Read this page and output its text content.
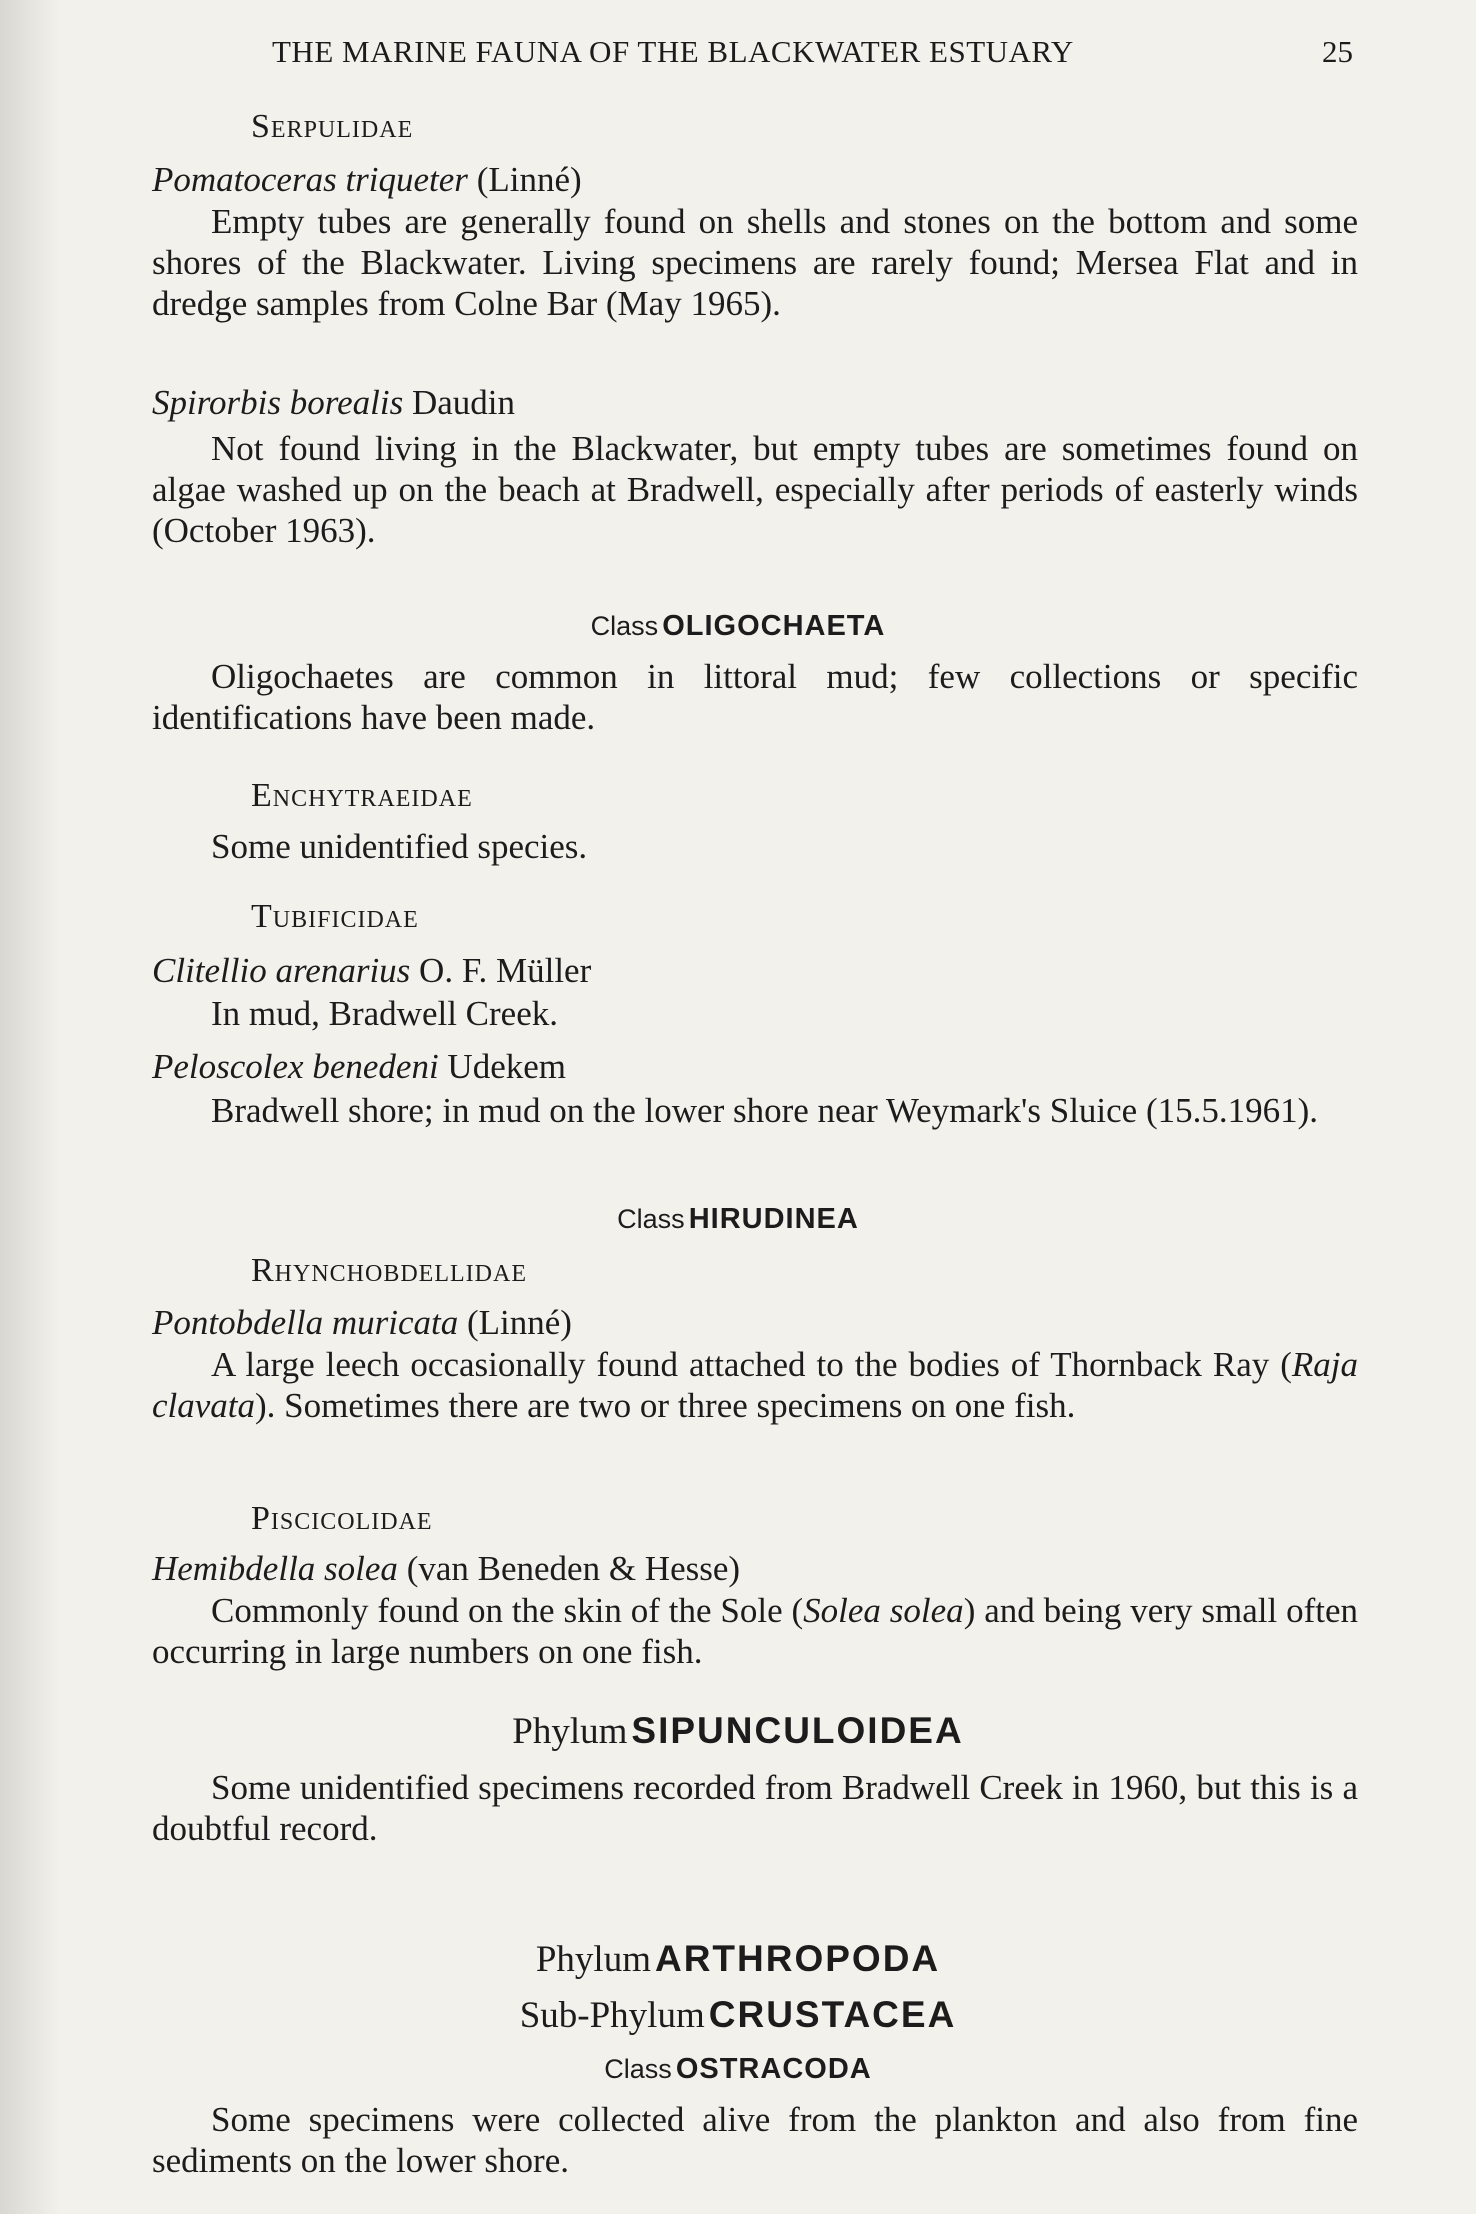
THE MARINE FAUNA OF THE BLACKWATER ESTUARY	25
Serpulidae
Pomatoceras triqueter (Linné)
Empty tubes are generally found on shells and stones on the bottom and some shores of the Blackwater. Living specimens are rarely found; Mersea Flat and in dredge samples from Colne Bar (May 1965).
Spirorbis borealis Daudin
Not found living in the Blackwater, but empty tubes are sometimes found on algae washed up on the beach at Bradwell, especially after periods of easterly winds (October 1963).
Class OLIGOCHAETA
Oligochaetes are common in littoral mud; few collections or specific identifications have been made.
Enchytraeidae
Some unidentified species.
Tubificidae
Clitellio arenarius O. F. Müller
In mud, Bradwell Creek.
Peloscolex benedeni Udekem
Bradwell shore; in mud on the lower shore near Weymark's Sluice (15.5.1961).
Class HIRUDINEA
Rhynchobdellidae
Pontobdella muricata (Linné)
A large leech occasionally found attached to the bodies of Thornback Ray (Raja clavata). Sometimes there are two or three specimens on one fish.
Piscicolidae
Hemibdella solea (van Beneden & Hesse)
Commonly found on the skin of the Sole (Solea solea) and being very small often occurring in large numbers on one fish.
Phylum SIPUNCULOIDEA
Some unidentified specimens recorded from Bradwell Creek in 1960, but this is a doubtful record.
Phylum ARTHROPODA
Sub-Phylum CRUSTACEA
Class OSTRACODA
Some specimens were collected alive from the plankton and also from fine sediments on the lower shore.
